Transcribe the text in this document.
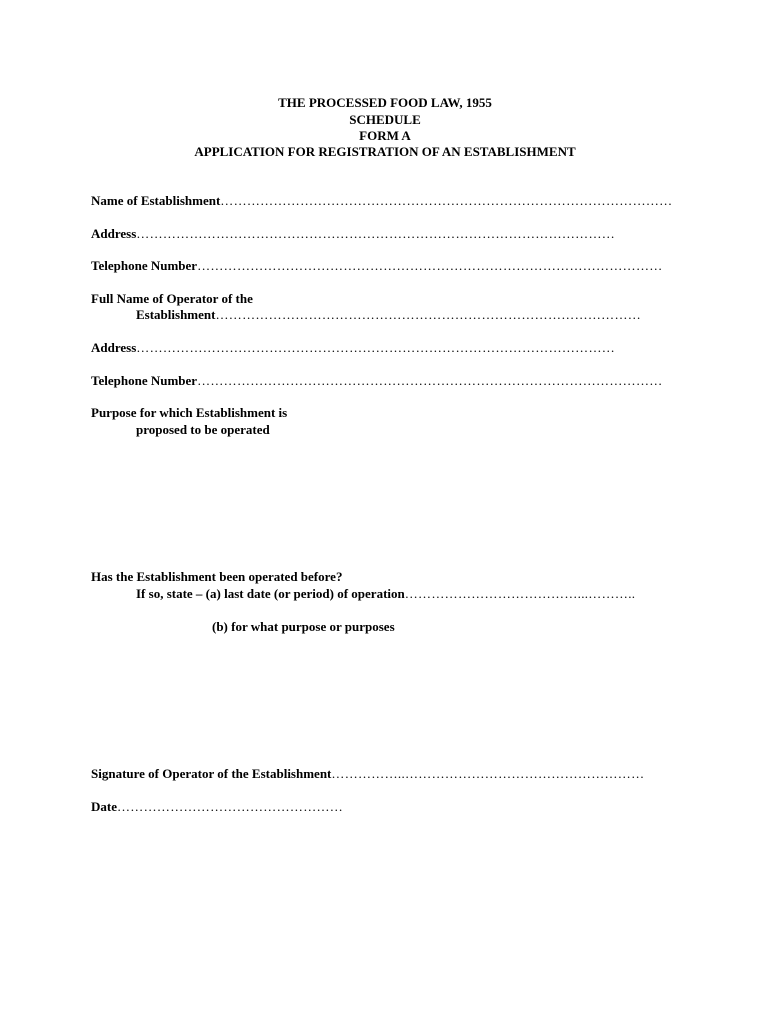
THE PROCESSED FOOD LAW, 1955
SCHEDULE
FORM A
APPLICATION FOR REGISTRATION OF AN ESTABLISHMENT
Name of Establishment…………………………………………………………………………………………
Address………………………………………………………………………………………………
Telephone Number……………………………………………………………………………………………
Full Name of Operator of the
Establishment……………………………………………………………………………………
Address………………………………………………………………………………………………
Telephone Number……………………………………………………………………………………………
Purpose for which Establishment is
proposed to be operated
Has the Establishment been operated before?
If so, state – (a) last date (or period) of operation…………………………………...………..
(b) for what purpose or purposes
Signature of Operator of the Establishment……………..………………………………………………
Date……………………………………………
